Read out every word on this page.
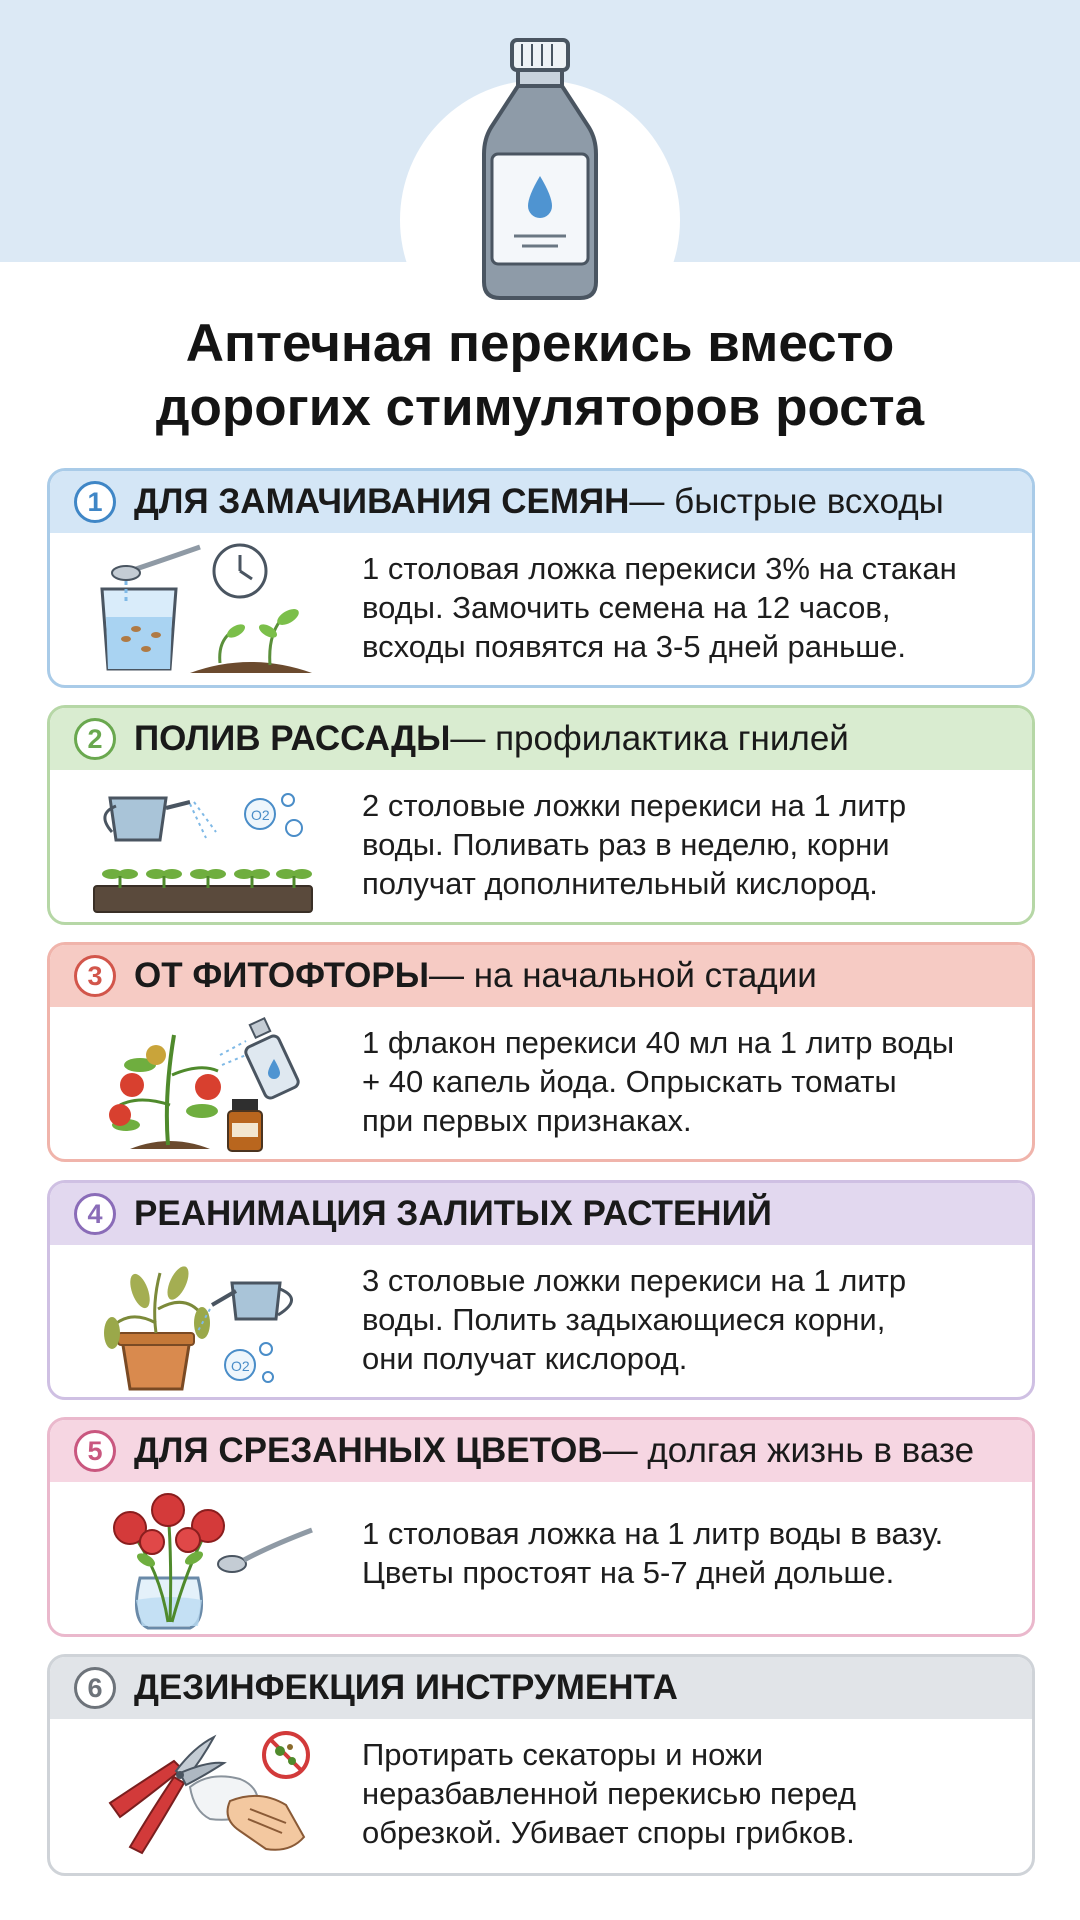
Аптечная перекись вместо
дорогих стимуляторов роста
1 ДЛЯ ЗАМАЧИВАНИЯ СЕМЯН — быстрые всходы
1 столовая ложка перекиси 3% на стакан
воды. Замочить семена на 12 часов,
всходы появятся на 3-5 дней раньше.
2 ПОЛИВ РАССАДЫ — профилактика гнилей
O2	2 столовые ложки перекиси на 1 литр
воды. Поливать раз в неделю, корни
получат дополнительный кислород.
3 ОТ ФИТОФТОРЫ — на начальной стадии
1 флакон перекиси 40 мл на 1 литр воды
+ 40 капель йода. Опрыскать томаты
при первых признаках.
4 РЕАНИМАЦИЯ ЗАЛИТЫХ РАСТЕНИЙ
O2
3 столовые ложки перекиси на 1 литр
воды. Полить задыхающиеся корни,
они получат кислород.
5 ДЛЯ СРЕЗАННЫХ ЦВЕТОВ — долгая жизнь в вазе
1 столовая ложка на 1 литр воды в вазу.
Цветы простоят на 5-7 дней дольше.
6 ДЕЗИНФЕКЦИЯ ИНСТРУМЕНТА
Протирать секаторы и ножи
неразбавленной перекисью перед
обрезкой. Убивает споры грибков.
